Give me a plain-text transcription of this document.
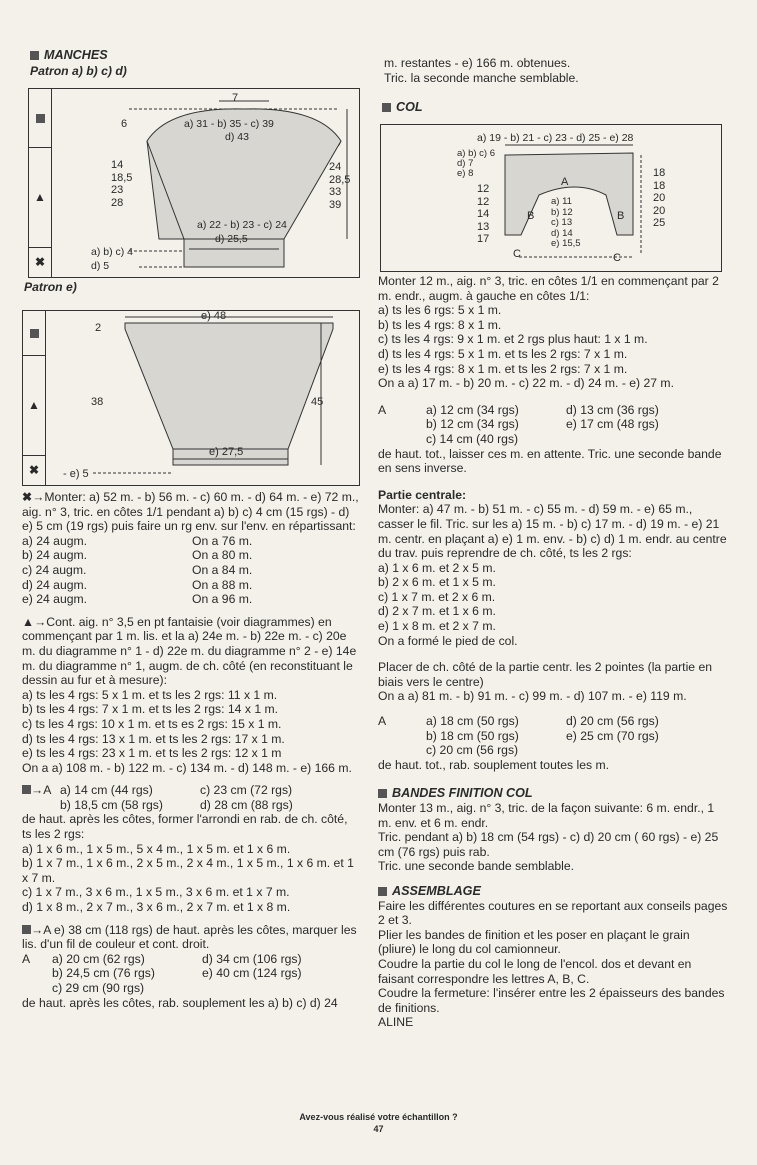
MANCHES
Patron a) b) c) d)
▲
✖
7
6	a) 31 - b) 35 - c) 39
d) 43
14
18,5
23
28
24
28,5
33
39
a) 22 - b) 23 - c) 24
d) 25,5
a) b) c) 4
d) 5
Patron e)
▲
✖
e) 48
2
38	45
e) 27,5
- e) 5

✖→Monter: a) 52 m. - b) 56 m. - c) 60 m. - d) 64 m. - e) 72 m., aig. n° 3, tric. en côtes 1/1 pendant a) b) c) 4 cm (15 rgs) - d) e) 5 cm (19 rgs) puis faire un rg env. sur l'env. en répartissant:

a) 24 augm.	On a 76 m.
b) 24 augm.	On a 80 m.
c) 24 augm.	On a 84 m.
d) 24 augm.	On a 88 m.
e) 24 augm.	On a 96 m.

▲→Cont. aig. n° 3,5 en pt fantaisie (voir diagrammes) en commençant par 1 m. lis. et la a) 24e m. - b) 22e m. - c) 20e m. du diagramme n° 1 - d) 22e m. du diagramme n° 2 - e) 14e m. du diagramme n° 1, augm. de ch. côté (en reconstituant le dessin au fur et à mesure):

a) ts les 4 rgs: 5 x 1 m. et ts les 2 rgs: 11 x 1 m.
b) ts les 4 rgs: 7 x 1 m. et ts les 2 rgs: 14 x 1 m.
c) ts les 4 rgs: 10 x 1 m. et ts es 2 rgs: 15 x 1 m.
d) ts les 4 rgs: 13 x 1 m. et ts les 2 rgs: 17 x 1 m.
e) ts les 4 rgs: 23 x 1 m. et ts les 2 rgs: 12 x 1 m

On a a) 108 m. - b) 122 m. - c) 134 m. - d) 148 m. - e) 166 m.

→A a) 14 cm (44 rgs)	c) 23 cm (72 rgs)
b) 18,5 cm (58 rgs)	d) 28 cm (88 rgs)

de haut. après les côtes, former l'arrondi en rab. de ch. côté, ts les 2 rgs:

a) 1 x 6 m., 1 x 5 m., 5 x 4 m., 1 x 5 m. et 1 x 6 m.
b) 1 x 7 m., 1 x 6 m., 2 x 5 m., 2 x 4 m., 1 x 5 m., 1 x 6 m. et 1 x 7 m.
c) 1 x 7 m., 3 x 6 m., 1 x 5 m., 3 x 6 m. et 1 x 7 m.
d) 1 x 8 m., 2 x 7 m., 3 x 6 m., 2 x 7 m. et 1 x 8 m.

→A e) 38 cm (118 rgs) de haut. après les côtes, marquer les lis. d'un fil de couleur et cont. droit.

A	a) 20 cm (62 rgs)	d) 34 cm (106 rgs)
b) 24,5 cm (76 rgs)	e) 40 cm (124 rgs)
c) 29 cm (90 rgs)

de haut. après les côtes, rab. souplement les a) b) c) d) 24

m. restantes - e) 166 m. obtenues.
Tric. la seconde manche semblable.
COL
a) 19 - b) 21 - c) 23 - d) 25 - e) 28
a) b) c) 6
d) 7
e) 8
12
12
14
13
17
18
18
20
20
25
A
B	B
C	C
a) 11
b) 12
c) 13
d) 14
e) 15,5

Monter 12 m., aig. n° 3, tric. en côtes 1/1 en commençant par 2 m. endr., augm. à gauche en côtes 1/1:

a) ts les 6 rgs: 5 x 1 m.
b) ts les 4 rgs: 8 x 1 m.
c) ts les 4 rgs: 9 x 1 m. et 2 rgs plus haut: 1 x 1 m.
d) ts les 4 rgs: 5 x 1 m. et ts les 2 rgs: 7 x 1 m.
e) ts les 4 rgs: 8 x 1 m. et ts les 2 rgs: 7 x 1 m.
On a a) 17 m. - b) 20 m. - c) 22 m. - d) 24 m. - e) 27 m.
A	a) 12 cm (34 rgs)	d) 13 cm (36 rgs)
b) 12 cm (34 rgs)	e) 17 cm (48 rgs)
c) 14 cm (40 rgs)

de haut. tot., laisser ces m. en attente. Tric. une seconde bande en sens inverse.

Partie centrale:

Monter: a) 47 m. - b) 51 m. - c) 55 m. - d) 59 m. - e) 65 m., casser le fil. Tric. sur les a) 15 m. - b) c) 17 m. - d) 19 m. - e) 21 m. centr. en plaçant a) e) 1 m. env. - b) c) d) 1 m. endr. au centre du trav. puis reprendre de ch. côté, ts les 2 rgs:

a) 1 x 6 m. et 2 x 5 m.
b) 2 x 6 m. et 1 x 5 m.
c) 1 x 7 m. et 2 x 6 m.
d) 2 x 7 m. et 1 x 6 m.
e) 1 x 8 m. et 2 x 7 m.
On a formé le pied de col.

Placer de ch. côté de la partie centr. les 2 pointes (la partie en biais vers le centre)

On a a) 81 m. - b) 91 m. - c) 99 m. - d) 107 m. - e) 119 m.

A	a) 18 cm (50 rgs)	d) 20 cm (56 rgs)
b) 18 cm (50 rgs)	e) 25 cm (70 rgs)
c) 20 cm (56 rgs)

de haut. tot., rab. souplement toutes les m.

BANDES FINITION COL

Monter 13 m., aig. n° 3, tric. de la façon suivante: 6 m. endr., 1 m. env. et 6 m. endr.

Tric. pendant a) b) 18 cm (54 rgs) - c) d) 20 cm ( 60 rgs) - e) 25 cm (76 rgs) puis rab.

Tric. une seconde bande semblable.

ASSEMBLAGE

Faire les différentes coutures en se reportant aux conseils pages 2 et 3.

Plier les bandes de finition et les poser en plaçant le grain (pliure) le long du col camionneur.

Coudre la partie du col le long de l'encol. dos et devant en faisant correspondre les lettres A, B, C.

Coudre la fermeture: l'insérer entre les 2 épaisseurs des bandes de finitions.

ALINE

Avez-vous réalisé votre échantillon ?
47
